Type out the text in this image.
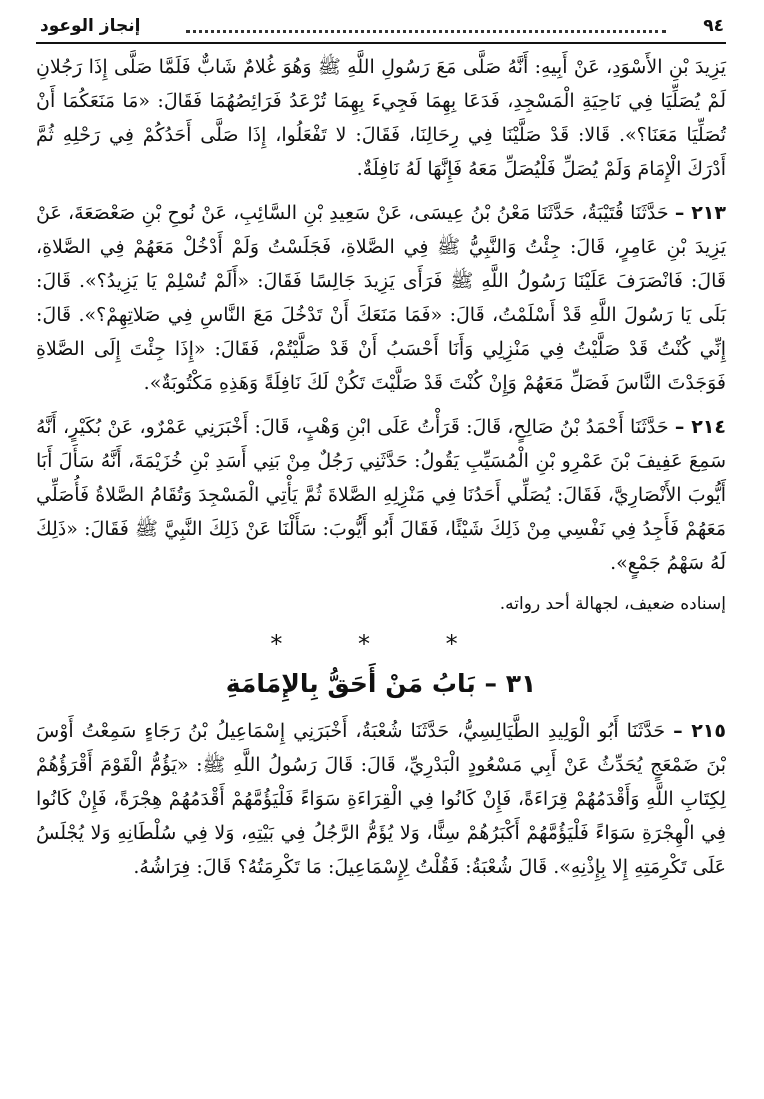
٩٤
إنجاز الوعود

يَزِيدَ بْنِ الأَسْوَدِ، عَنْ أَبِيهِ: أَنَّهُ صَلَّى مَعَ رَسُولِ اللَّهِ ﷺ وَهُوَ غُلامٌ شَابٌّ فَلَمَّا صَلَّى إِذَا رَجُلانِ لَمْ يُصَلِّيَا فِي نَاحِيَةِ الْمَسْجِدِ، فَدَعَا بِهِمَا فَجِيءَ بِهِمَا تُرْعَدُ فَرَائِصُهُمَا فَقَالَ: «مَا مَنَعَكُمَا أَنْ تُصَلِّيَا مَعَنَا؟». قَالا: قَدْ صَلَّيْنَا فِي رِحَالِنَا، فَقَالَ: لا تَفْعَلُوا، إِذَا صَلَّى أَحَدُكُمْ فِي رَحْلِهِ ثُمَّ أَدْرَكَ الْإِمَامَ وَلَمْ يُصَلِّ فَلْيُصَلِّ مَعَهُ فَإِنَّهَا لَهُ نَافِلَةٌ.

٢١٣ – حَدَّثَنَا قُتَيْبَةُ، حَدَّثَنَا مَعْنُ بْنُ عِيسَى، عَنْ سَعِيدِ بْنِ السَّائِبِ، عَنْ نُوحِ بْنِ صَعْصَعَةَ، عَنْ يَزِيدَ بْنِ عَامِرٍ، قَالَ: جِئْتُ وَالنَّبِيُّ ﷺ فِي الصَّلاةِ، فَجَلَسْتُ وَلَمْ أَدْخُلْ مَعَهُمْ فِي الصَّلاةِ، قَالَ: فَانْصَرَفَ عَلَيْنَا رَسُولُ اللَّهِ ﷺ فَرَأَى يَزِيدَ جَالِسًا فَقَالَ: «أَلَمْ تُسْلِمْ يَا يَزِيدُ؟». قَالَ: بَلَى يَا رَسُولَ اللَّهِ قَدْ أَسْلَمْتُ، قَالَ: «فَمَا مَنَعَكَ أَنْ تَدْخُلَ مَعَ النَّاسِ فِي صَلاتِهِمْ؟». قَالَ: إِنِّي كُنْتُ قَدْ صَلَّيْتُ فِي مَنْزِلِي وَأَنَا أَحْسَبُ أَنْ قَدْ صَلَّيْتُمْ، فَقَالَ: «إِذَا جِئْتَ إِلَى الصَّلاةِ فَوَجَدْتَ النَّاسَ فَصَلِّ مَعَهُمْ وَإِنْ كُنْتَ قَدْ صَلَّيْتَ تَكُنْ لَكَ نَافِلَةً وَهَذِهِ مَكْتُوبَةٌ».

٢١٤ – حَدَّثَنَا أَحْمَدُ بْنُ صَالِحٍ، قَالَ: قَرَأْتُ عَلَى ابْنِ وَهْبٍ، قَالَ: أَخْبَرَنِي عَمْرٌو، عَنْ بُكَيْرٍ، أَنَّهُ سَمِعَ عَفِيفَ بْنَ عَمْرِو بْنِ الْمُسَيِّبِ يَقُولُ: حَدَّثَنِي رَجُلٌ مِنْ بَنِي أَسَدِ بْنِ خُزَيْمَةَ، أَنَّهُ سَأَلَ أَبَا أَيُّوبَ الأَنْصَارِيَّ، فَقَالَ: يُصَلِّي أَحَدُنَا فِي مَنْزِلِهِ الصَّلاةَ ثُمَّ يَأْتِي الْمَسْجِدَ وَتُقَامُ الصَّلاةُ فَأُصَلِّي مَعَهُمْ فَأَجِدُ فِي نَفْسِي مِنْ ذَلِكَ شَيْئًا، فَقَالَ أَبُو أَيُّوبَ: سَأَلْنَا عَنْ ذَلِكَ النَّبِيَّ ﷺ فَقَالَ: «ذَلِكَ لَهُ سَهْمُ جَمْعٍ».

إسناده ضعيف، لجهالة أحد رواته.

* * *
٣١ – بَابُ مَنْ أَحَقُّ بِالإِمَامَةِ

٢١٥ – حَدَّثَنَا أَبُو الْوَلِيدِ الطَّيَالِسِيُّ، حَدَّثَنَا شُعْبَةُ، أَخْبَرَنِي إِسْمَاعِيلُ بْنُ رَجَاءٍ سَمِعْتُ أَوْسَ بْنَ ضَمْعَجٍ يُحَدِّثُ عَنْ أَبِي مَسْعُودٍ الْبَدْرِيِّ، قَالَ: قَالَ رَسُولُ اللَّهِ ﷺ: «يَؤُمُّ الْقَوْمَ أَقْرَؤُهُمْ لِكِتَابِ اللَّهِ وَأَقْدَمُهُمْ قِرَاءَةً، فَإِنْ كَانُوا فِي الْقِرَاءَةِ سَوَاءً فَلْيَؤُمَّهُمْ أَقْدَمُهُمْ هِجْرَةً، فَإِنْ كَانُوا فِي الْهِجْرَةِ سَوَاءً فَلْيَؤُمَّهُمْ أَكْبَرُهُمْ سِنًّا، وَلا يُؤَمُّ الرَّجُلُ فِي بَيْتِهِ، وَلا فِي سُلْطَانِهِ وَلا يُجْلَسُ عَلَى تَكْرِمَتِهِ إِلا بِإِذْنِهِ». قَالَ شُعْبَةُ: فَقُلْتُ لِإِسْمَاعِيلَ: مَا تَكْرِمَتُهُ؟ قَالَ: فِرَاشُهُ.
